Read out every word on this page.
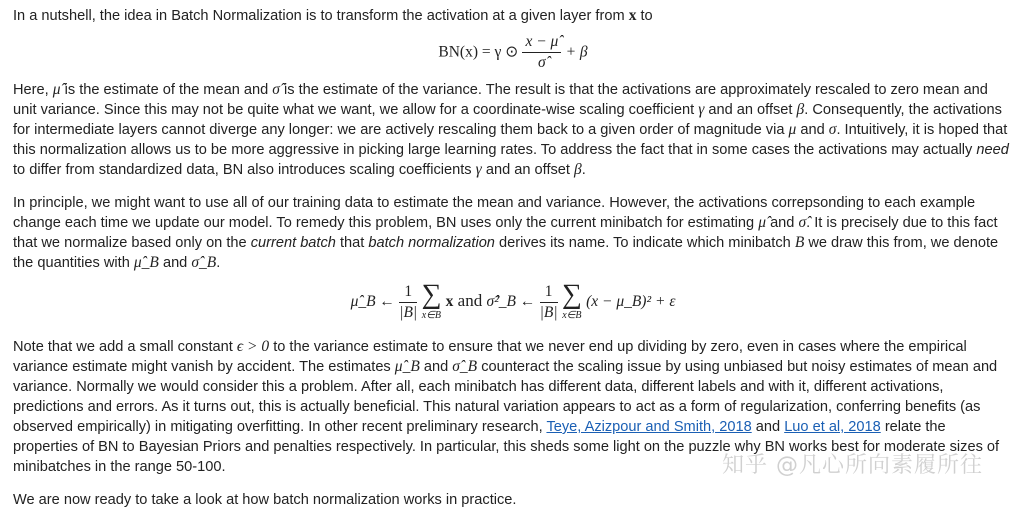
In a nutshell, the idea in Batch Normalization is to transform the activation at a given layer from x to

BN(x) = γ ⊙ $\frac{x - \mû}{\sigmâ} + \beta$

Here, μ̂ is the estimate of the mean and σ̂ is the estimate of the variance. The result is that the activations are approximately rescaled to zero mean and unit variance. Since this may not be quite what we want, we allow for a coordinate-wise scaling coefficient γ and an offset β. Consequently, the activations for intermediate layers cannot diverge any longer: we are actively rescaling them back to a given order of magnitude via μ and σ. Intuitively, it is hoped that this normalization allows us to be more aggressive in picking large learning rates. To address the fact that in some cases the activations may actually need to differ from standardized data, BN also introduces scaling coefficients γ and an offset β.

In principle, we might want to use all of our training data to estimate the mean and variance. However, the activations correpsonding to each example change each time we update our model. To remedy this problem, BN uses only the current minibatch for estimating μ̂ and σ̂. It is precisely due to this fact that we normalize based only on the current batch that batch normalization derives its name. To indicate which minibatch B we draw this from, we denote the quantities with μ̂_B and σ̂_B.

μ̂_B ← $\frac{1}{|B|}$
∑
x∈B
x and σ̂²_B ← $\frac{1}{|B|}$
∑
x∈B
(x − μ_B)² + ε

Note that we add a small constant ϵ > 0 to the variance estimate to ensure that we never end up dividing by zero, even in cases where the empirical variance estimate might vanish by accident. The estimates μ̂_B and σ̂_B counteract the scaling issue by using unbiased but noisy estimates of mean and variance. Normally we would consider this a problem. After all, each minibatch has different data, different labels and with it, different activations, predictions and errors. As it turns out, this is actually beneficial. This natural variation appears to act as a form of regularization, conferring benefits (as observed empirically) in mitigating overfitting. In other recent preliminary research, Teye, Azizpour and Smith, 2018 and Luo et al, 2018 relate the properties of BN to Bayesian Priors and penalties respectively. In particular, this sheds some light on the puzzle why BN works best for moderate sizes of minibatches in the range 50-100.

We are now ready to take a look at how batch normalization works in practice.

知乎 @凡心所向素履所往
